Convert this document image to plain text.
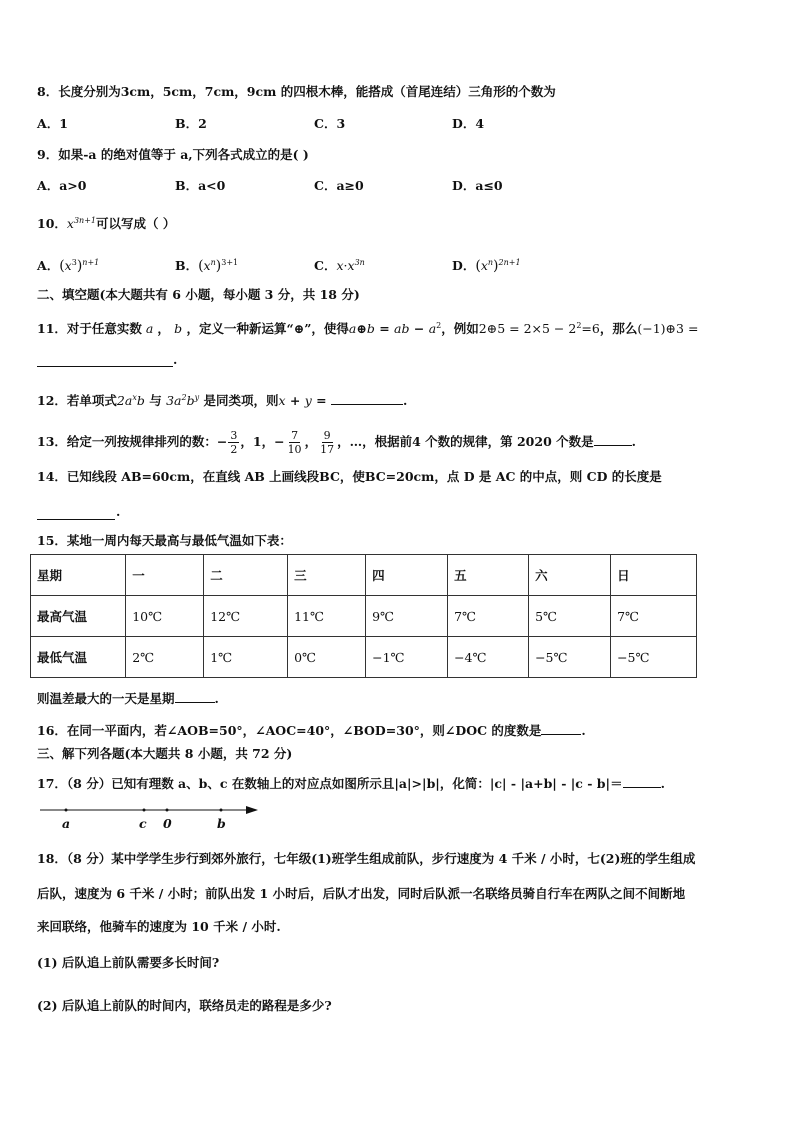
8．长度分别为3cm，5cm，7cm，9cm 的四根木棒，能搭成（首尾连结）三角形的个数为
A．1	B．2	C．3	D．4
9．如果-a 的绝对值等于 a,下列各式成立的是( )
A．a>0	B．a<0	C．a≥0	D．a≤0
10．$x^{3n+1}$可以写成（ ）
A．$(x^3)^{n+1}$	B．$(x^n)^{3+1}$	C．$x\cdot x^{3n}$	D．$(x^n)^{2n+1}$
二、填空题(本大题共有 6 小题，每小题 3 分，共 18 分)
11．对于任意实数 a ， b ，定义一种新运算“⊕”，使得a⊕b = ab − $a^2$，例如2⊕5 = $2\times 5 - 2^2=6$，那么(−1)⊕3 =
.
12．若单项式$2a^xb$ 与 $3a^2b^y$ 是同类项，则x + y =	.
13．给定一列按规律排列的数：− $\frac{3}{2}$ ，1，− $\frac{7}{10}$ ， $\frac{9}{17}$ ，…，根据前4 个数的规律，第 2020 个数是	.
14．已知线段 AB=60cm，在直线 AB 上画线段BC，使BC=20cm，点 D 是 AC 的中点，则 CD 的长度是
.
15．某地一周内每天最高与最低气温如下表：
星期	一	二	三	四	五	六	日
最高气温	10℃	12℃	11℃	9℃	7℃	5℃	7℃
最低气温	2℃	1℃	0℃	−1℃	−4℃	−5℃	−5℃
则温差最大的一天是星期	.
16．在同一平面内，若∠AOB=50°，∠AOC=40°，∠BOD=30°，则∠DOC 的度数是	.
三、解下列各题(本大题共 8 小题，共 72 分)
17．（8 分）已知有理数 a、b、c 在数轴上的对应点如图所示且|a|>|b|，化简：|c| - |a+b| - |c - b|＝	.
a	c 0	b
18．（8 分）某中学学生步行到郊外旅行，七年级(1)班学生组成前队，步行速度为 4 千米 / 小时，七(2)班的学生组成
后队，速度为 6 千米 / 小时；前队出发 1 小时后，后队才出发，同时后队派一名联络员骑自行车在两队之间不间断地
来回联络，他骑车的速度为 10 千米 / 小时.
(1) 后队追上前队需要多长时间?
(2) 后队追上前队的时间内，联络员走的路程是多少?
